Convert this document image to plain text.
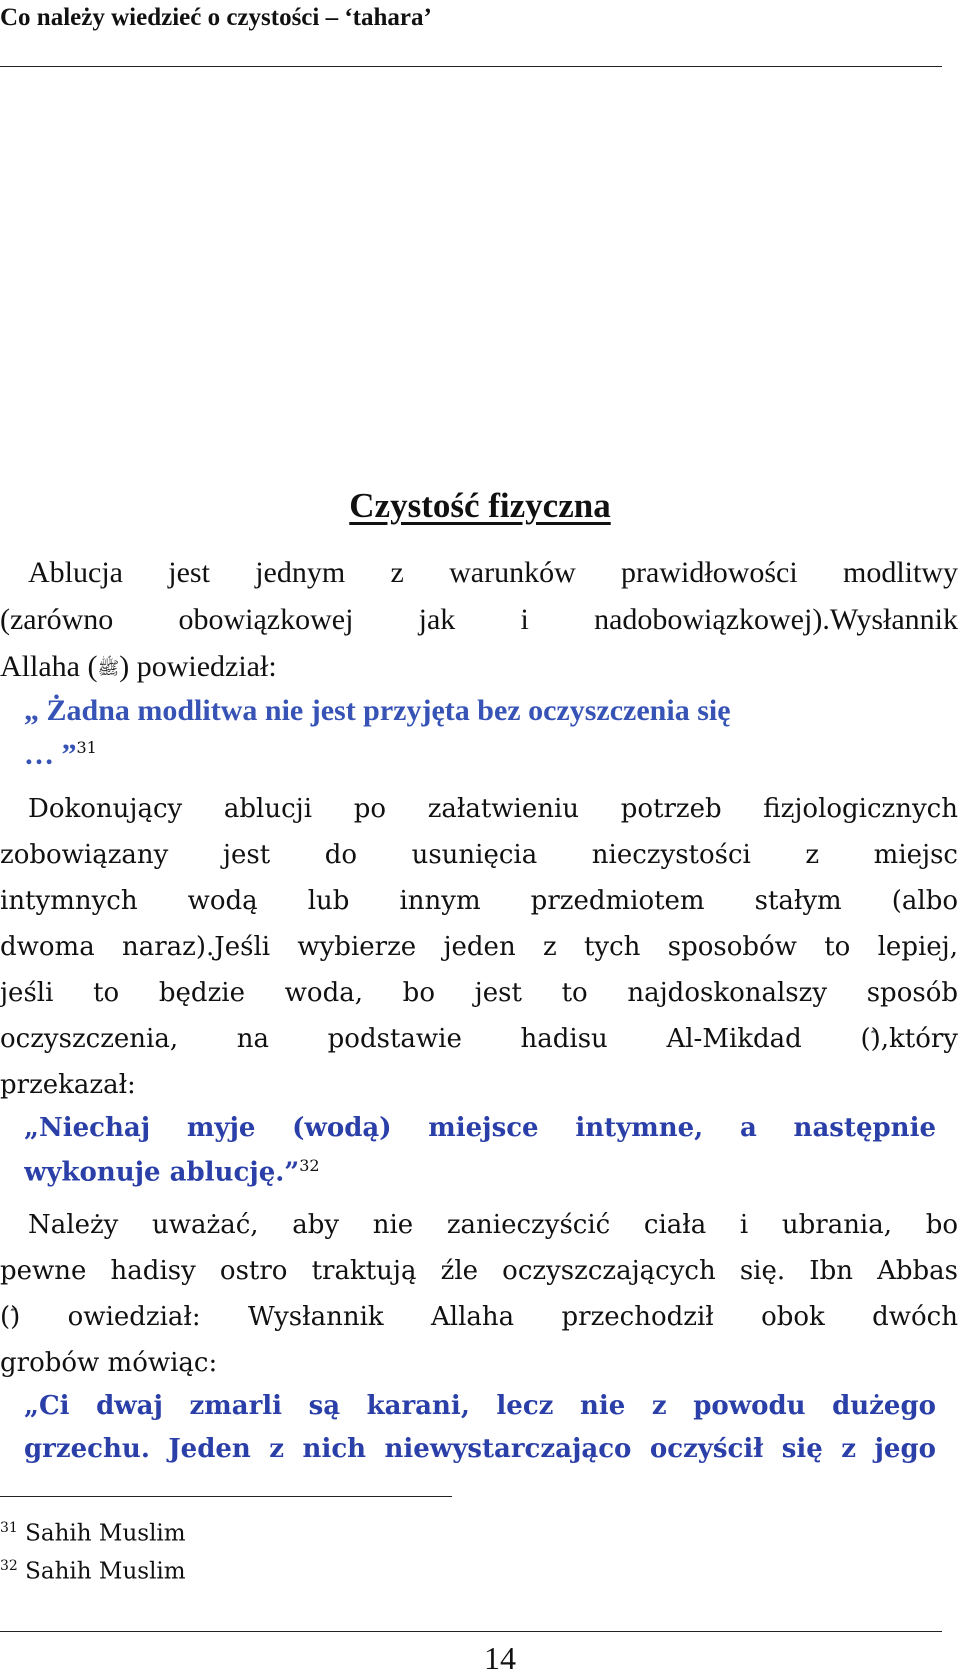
Co należy wiedzieć o czystości – ‘tahara’
Czystość fizyczna
Ablucja jest jednym z warunków prawidłowości modlitwy
(zarówno obowiązkowej jak i nadobowiązkowej).Wysłannik
Allaha (ﷺ) powiedział:
„ Żadna modlitwa nie jest przyjęta bez oczyszczenia się
… ”$^{31}$
Dokonujący ablucji po załatwieniu potrzeb fizjologicznych
zobowiązany jest do usunięcia nieczystości z miejsc
intymnych wodą lub innym przedmiotem stałym (albo
dwoma naraz).Jeśli wybierze jeden z tych sposobów to lepiej,
jeśli to będzie woda, bo jest to najdoskonalszy sposób
oczyszczenia, na podstawie hadisu Al-Mikdad (),który
przekazał:
„Niechaj myje (wodą) miejsce intymne, a następnie
wykonuje ablucję.”$^{32}$
Należy uważać, aby nie zanieczyścić ciała i ubrania, bo
pewne hadisy ostro traktują źle oczyszczających się. Ibn Abbas
() owiedział: Wysłannik Allaha przechodził obok dwóch
grobów mówiąc:
„Ci dwaj zmarli są karani, lecz nie z powodu dużego
grzechu. Jeden z nich niewystarczająco oczyścił się z jego
$^{31}$ Sahih Muslim
$^{32}$ Sahih Muslim
14
